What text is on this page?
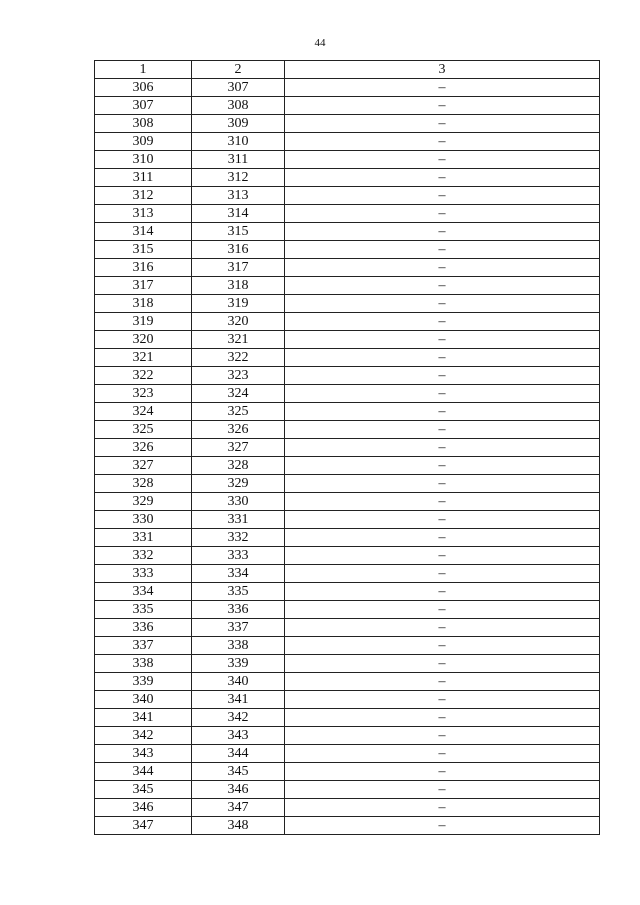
44
1	2	3
306	307	–
307	308	–
308	309	–
309	310	–
310	311	–
311	312	–
312	313	–
313	314	–
314	315	–
315	316	–
316	317	–
317	318	–
318	319	–
319	320	–
320	321	–
321	322	–
322	323	–
323	324	–
324	325	–
325	326	–
326	327	–
327	328	–
328	329	–
329	330	–
330	331	–
331	332	–
332	333	–
333	334	–
334	335	–
335	336	–
336	337	–
337	338	–
338	339	–
339	340	–
340	341	–
341	342	–
342	343	–
343	344	–
344	345	–
345	346	–
346	347	–
347	348	–
